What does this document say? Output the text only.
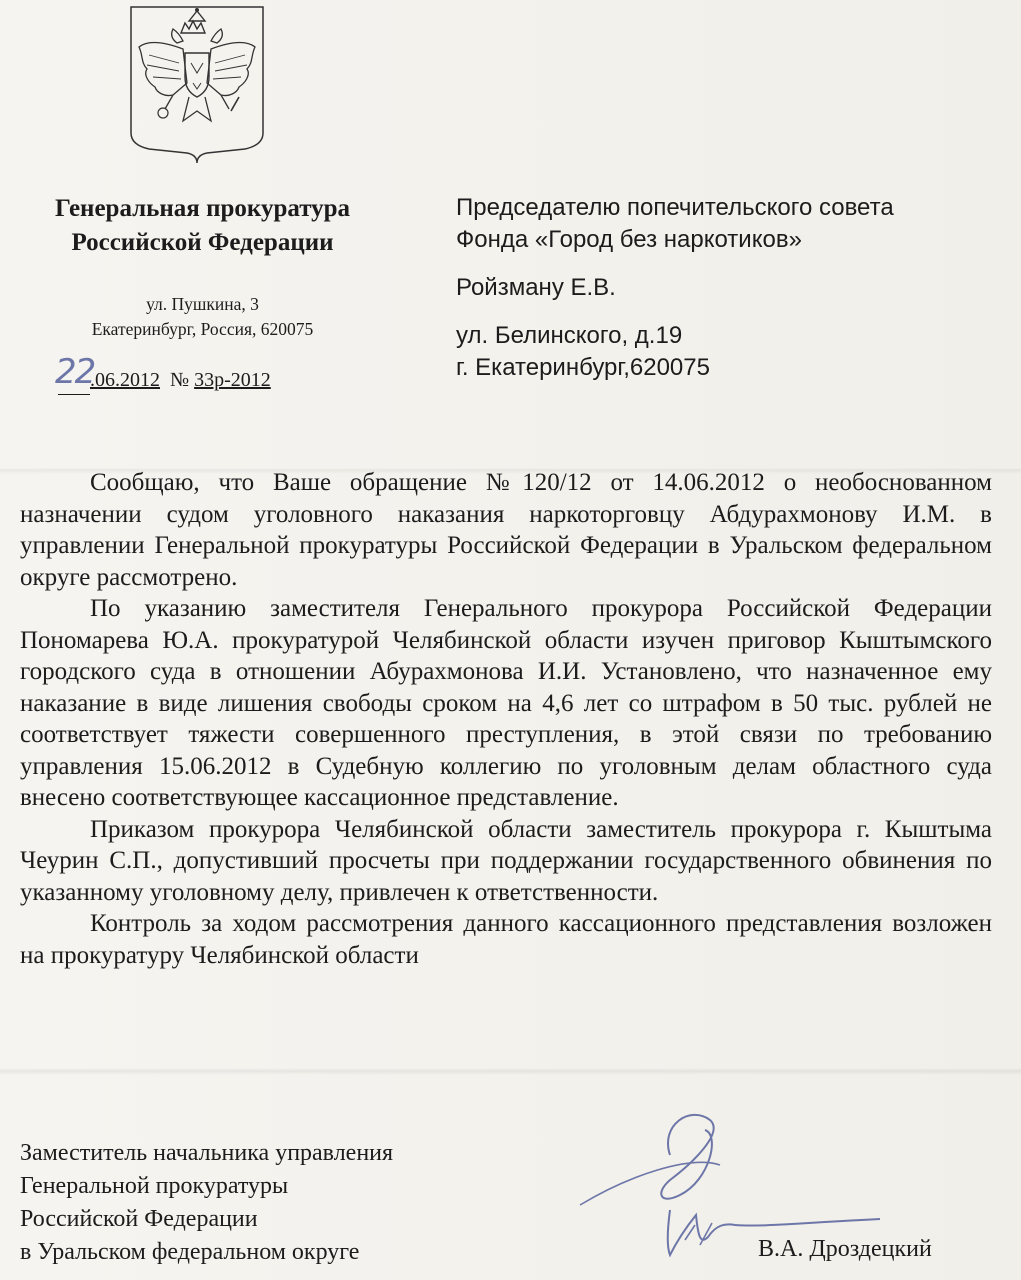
Генеральная прокуратура
Российской Федерации
ул. Пушкина, 3
Екатеринбург, Россия, 620075
22
.06.2012 № 33р-2012
Председателю попечительского совета
Фонда «Город без наркотиков»
Ройзману Е.В.
ул. Белинского, д.19
г. Екатеринбург,620075

Сообщаю, что Ваше обращение №120/12 от 14.06.2012 о необоснованном назначении судом уголовного наказания наркоторговцу Абдурахмонову И.М. в управлении Генеральной прокуратуры Российской Федерации в Уральском федеральном округе рассмотрено.

По указанию заместителя Генерального прокурора Российской Федерации Пономарева Ю.А. прокуратурой Челябинской области изучен приговор Кыштымского городского суда в отношении Абурахмонова И.И. Установлено, что назначенное ему наказание в виде лишения свободы сроком на 4,6 лет со штрафом в 50 тыс. рублей не соответствует тяжести совершенного преступления, в этой связи по требованию управления 15.06.2012 в Судебную коллегию по уголовным делам областного суда внесено соответствующее кассационное представление.

Приказом прокурора Челябинской области заместитель прокурора г. Кыштыма Чеурин С.П., допустивший просчеты при поддержании государственного обвинения по указанному уголовному делу, привлечен к ответственности.

Контроль за ходом рассмотрения данного кассационного представления возложен на прокуратуру Челябинской области

Заместитель начальника управления
Генеральной прокуратуры
Российской Федерации
в Уральском федеральном округе	В.А. Дроздецкий
